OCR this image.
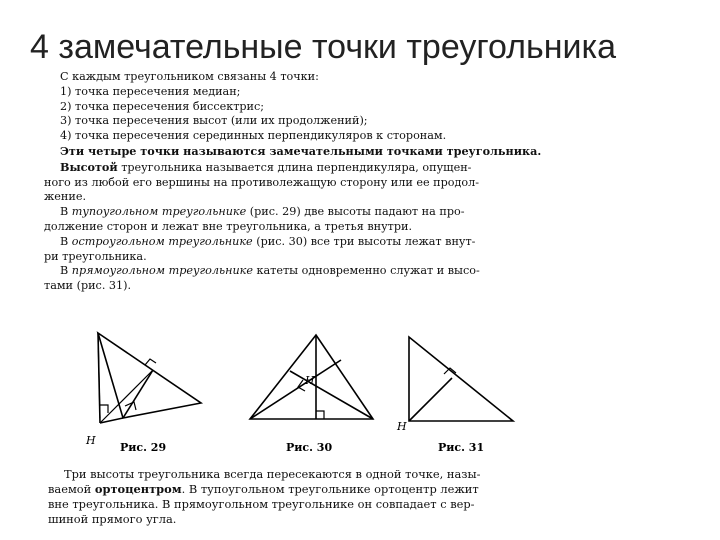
4 замечательные точки треугольника
С каждым треугольником связаны 4 точки:
1) точка пересечения медиан;
2) точка пересечения биссектрис;
3) точка пересечения высот (или их продолжений);
4) точка пересечения серединных перпендикуляров к сторонам.
Эти четыре точки называются замечательными точками треугольника.
Высотой треугольника называется длина перпендикуляра, опущен-
ного из любой его вершины на противолежащую сторону или ее продол-
жение.
В тупоугольном треугольнике (рис. 29) две высоты падают на про-
должение сторон и лежат вне треугольника, а третья внутри.
В остроугольном треугольнике (рис. 30) все три высоты лежат внут-
ри треугольника.
В прямоугольном треугольнике катеты одновременно служат и высо-
тами (рис. 31).
H
Рис. 29
H
Рис. 30
H
Рис. 31
Три высоты треугольника всегда пересекаются в одной точке, назы-
ваемой ортоцентром. В тупоугольном треугольнике ортоцентр лежит
вне треугольника. В прямоугольном треугольнике он совпадает с вер-
шиной прямого угла.
